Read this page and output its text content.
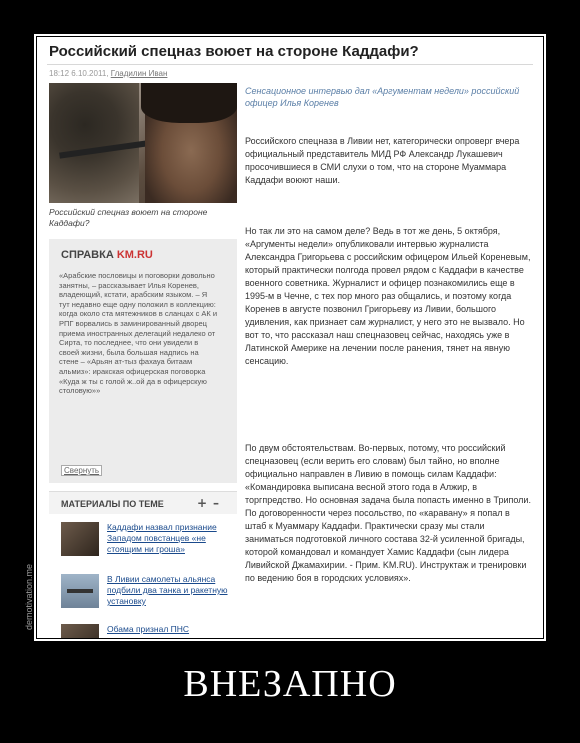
Российский спецназ воюет на стороне Каддафи?
18:12 6.10.2011, Гладилин Иван
Российский спецназ воюет на стороне Каддафи?
СПРАВКА KM.RU
«Арабские пословицы и поговорки довольно занятны, – рассказывает Илья Коренев, владеющий, кстати, арабским языком. – Я тут недавно еще одну положил в коллекцию: когда около ста мятежников в сланцах с АК и РПГ ворвались в заминированный дворец приема иностранных делегаций недалеко от Сирта, то последнее, что они увидели в своей жизни, была большая надпись на стене – «Арьян ат-тыз фахауа битаам альмиз»: иракская офицерская поговорка «Куда ж ты с голой ж..ой да в офицерскую столовую»»
Свернуть
МАТЕРИАЛЫ ПО ТЕМЕ	+ –
Каддафи назвал признание Западом повстанцев «не стоящим ни гроша»
В Ливии самолеты альянса подбили два танка и ракетную установку
Обама признал ПНС
Сенсационное интервью дал «Аргументам недели» российский офицер Илья Коренев
Российского спецназа в Ливии нет, категорически опроверг вчера официальный представитель МИД РФ Александр Лукашевич просочившиеся в СМИ слухи о том, что на стороне Муаммара Каддафи воюют наши.
Но так ли это на самом деле? Ведь в тот же день, 5 октября, «Аргументы недели» опубликовали интервью журналиста Александра Григорьева с российским офицером Ильей Кореневым, который практически полгода провел рядом с Каддафи в качестве военного советника. Журналист и офицер познакомились еще в 1995-м в Чечне, с тех пор много раз общались, и поэтому когда Коренев в августе позвонил Григорьеву из Ливии, большого удивления, как признает сам журналист, у него это не вызвало. Но вот то, что рассказал наш спецназовец сейчас, находясь уже в Латинской Америке на лечении после ранения, тянет на явную сенсацию.
По двум обстоятельствам. Во-первых, потому, что российский спецназовец (если верить его словам) был тайно, но вполне официально направлен в Ливию в помощь силам Каддафи: «Командировка выписана весной этого года в Алжир, в торгпредство. Но основная задача была попасть именно в Триполи. По договоренности через посольство, по «каравану» я попал в штаб к Муаммару Каддафи. Практически сразу мы стали заниматься подготовкой личного состава 32-й усиленной бригады, которой командовал и командует Хамис Каддафи (сын лидера Ливийской Джамахирии. - Прим. KM.RU). Инструктаж и тренировки по ведению боя в городских условиях».
demotivation.me
ВНЕЗАПНО
